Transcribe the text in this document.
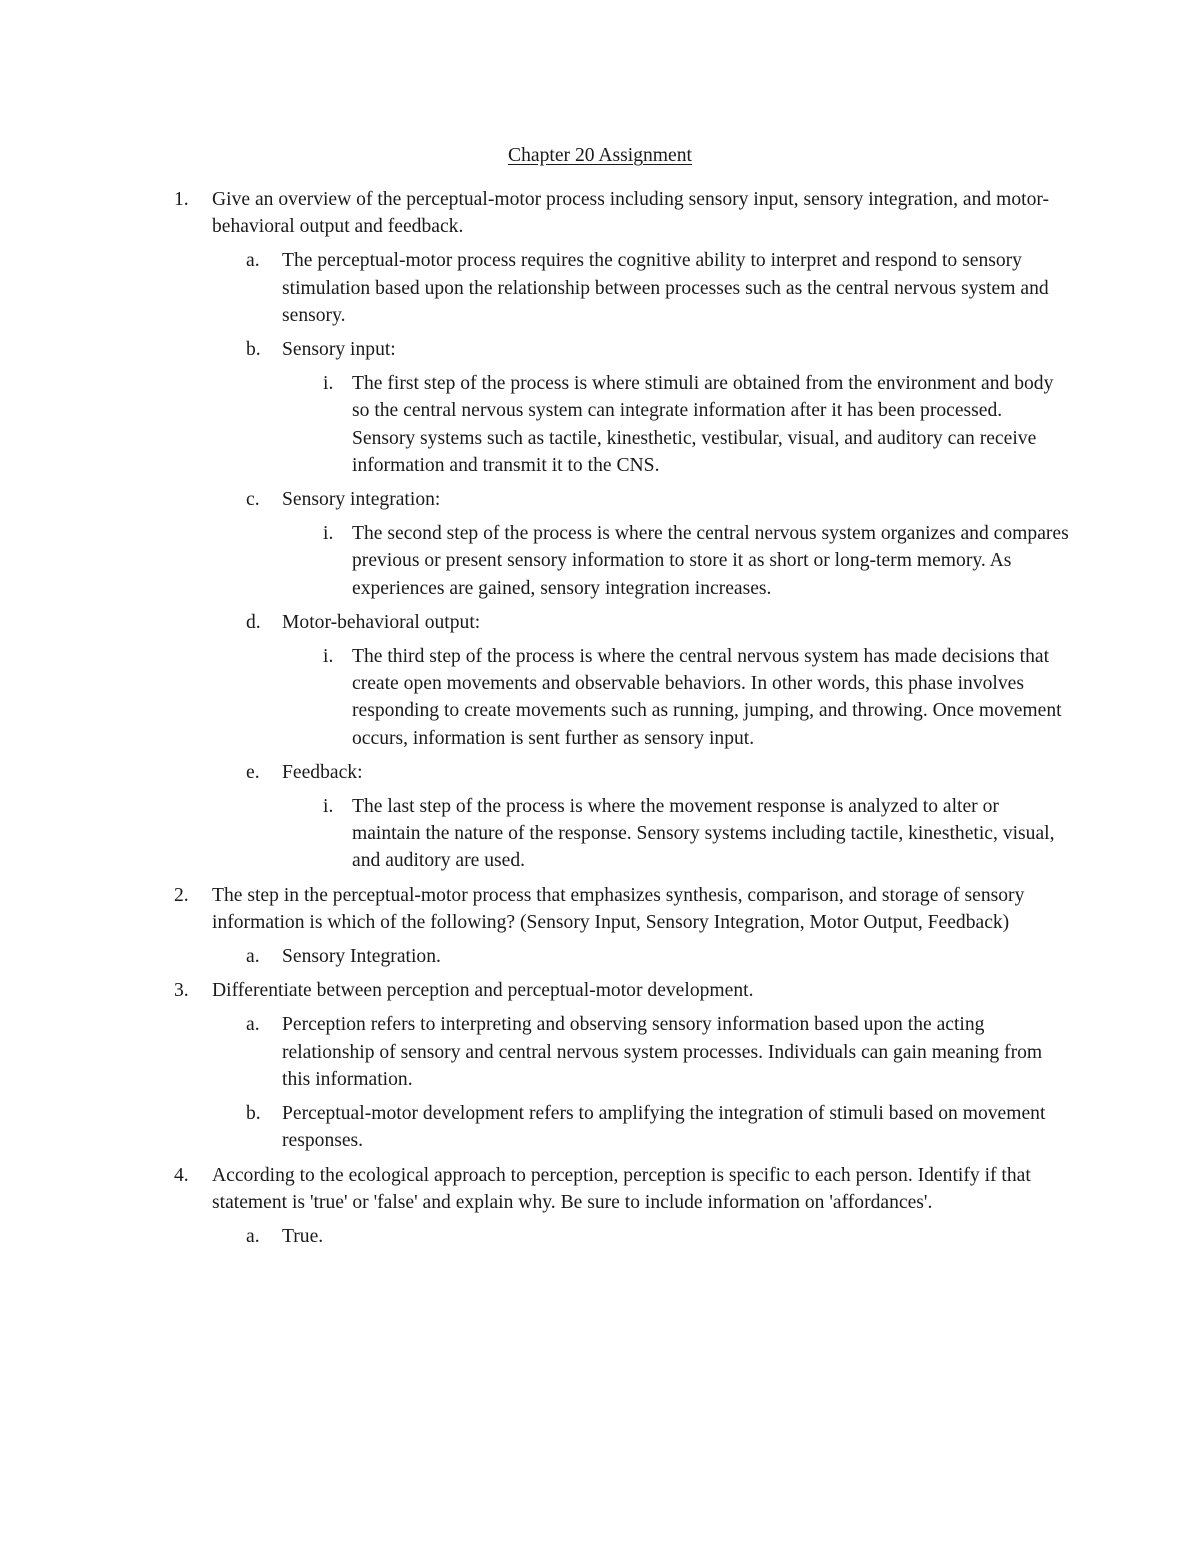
Chapter 20 Assignment
1. Give an overview of the perceptual-motor process including sensory input, sensory integration, and motor-behavioral output and feedback.
a. The perceptual-motor process requires the cognitive ability to interpret and respond to sensory stimulation based upon the relationship between processes such as the central nervous system and sensory.
b. Sensory input:
i. The first step of the process is where stimuli are obtained from the environment and body so the central nervous system can integrate information after it has been processed. Sensory systems such as tactile, kinesthetic, vestibular, visual, and auditory can receive information and transmit it to the CNS.
c. Sensory integration:
i. The second step of the process is where the central nervous system organizes and compares previous or present sensory information to store it as short or long-term memory. As experiences are gained, sensory integration increases.
d. Motor-behavioral output:
i. The third step of the process is where the central nervous system has made decisions that create open movements and observable behaviors. In other words, this phase involves responding to create movements such as running, jumping, and throwing. Once movement occurs, information is sent further as sensory input.
e. Feedback:
i. The last step of the process is where the movement response is analyzed to alter or maintain the nature of the response. Sensory systems including tactile, kinesthetic, visual, and auditory are used.
2. The step in the perceptual-motor process that emphasizes synthesis, comparison, and storage of sensory information is which of the following? (Sensory Input, Sensory Integration, Motor Output, Feedback)
a. Sensory Integration.
3. Differentiate between perception and perceptual-motor development.
a. Perception refers to interpreting and observing sensory information based upon the acting relationship of sensory and central nervous system processes. Individuals can gain meaning from this information.
b. Perceptual-motor development refers to amplifying the integration of stimuli based on movement responses.
4. According to the ecological approach to perception, perception is specific to each person. Identify if that statement is 'true' or 'false' and explain why. Be sure to include information on 'affordances'.
a. True.
